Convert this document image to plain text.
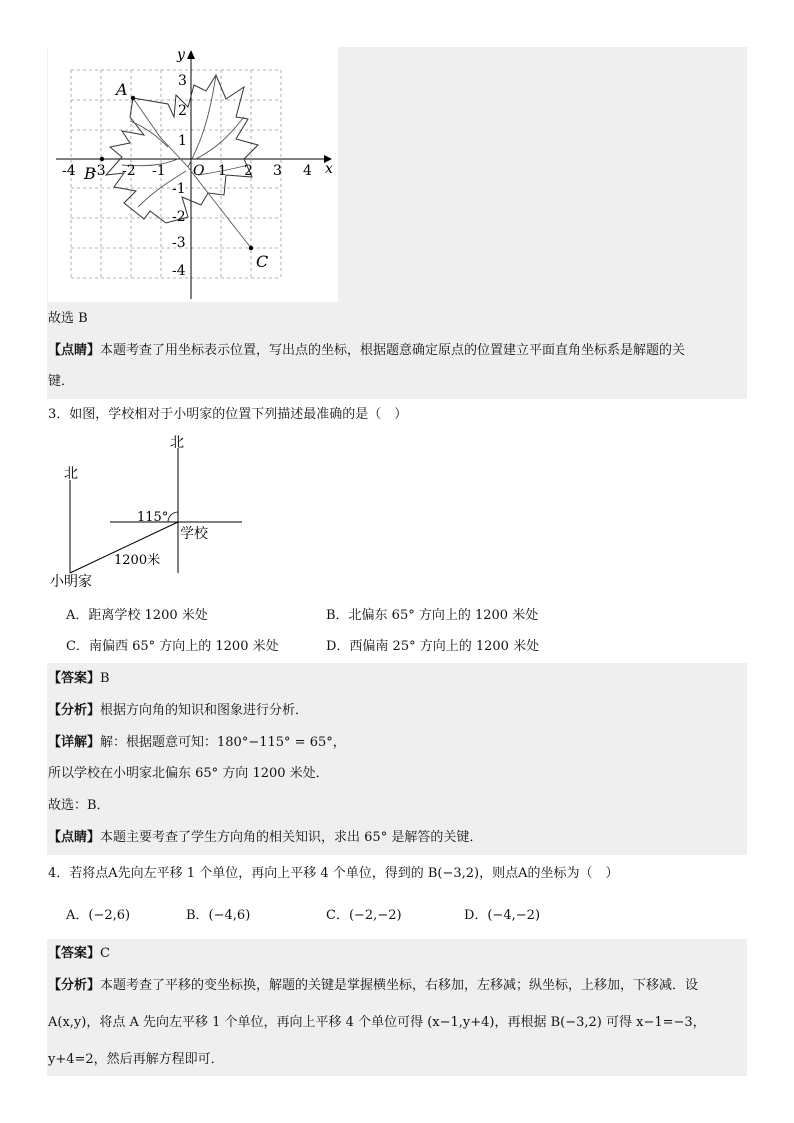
A
B
C
x
y
O
-4 -3 -2 -1	1 2 3 4
3
2
1
-1
-2
-3
-4
故选 B
【点睛】本题考查了用坐标表示位置，写出点的坐标，根据题意确定原点的位置建立平面直角坐标系是解题的关
键．
3．如图，学校相对于小明家的位置下列描述最准确的是（　）
北
北
115°
学校
1200米
小明家
A．距离学校 1200 米处	B．北偏东 65° 方向上的 1200 米处
C．南偏西 65° 方向上的 1200 米处	D．西偏南 25° 方向上的 1200 米处
【答案】B
【分析】根据方向角的知识和图象进行分析．
【详解】解：根据题意可知：180°−115° = 65°，
所以学校在小明家北偏东 65° 方向 1200 米处．
故选：B．
【点睛】本题主要考查了学生方向角的相关知识，求出 65° 是解答的关键．
4．若将点A先向左平移 1 个单位，再向上平移 4 个单位，得到的 B(−3,2)，则点A的坐标为（　）
A．(−2,6)	B．(−4,6)	C．(−2,−2)	D．(−4,−2)
【答案】C
【分析】本题考查了平移的变坐标换，解题的关键是掌握横坐标，右移加，左移减；纵坐标，上移加，下移减．设
A(x,y)，将点 A 先向左平移 1 个单位，再向上平移 4 个单位可得 (x−1,y+4)，再根据 B(−3,2) 可得 x−1=−3，
y+4=2，然后再解方程即可．
